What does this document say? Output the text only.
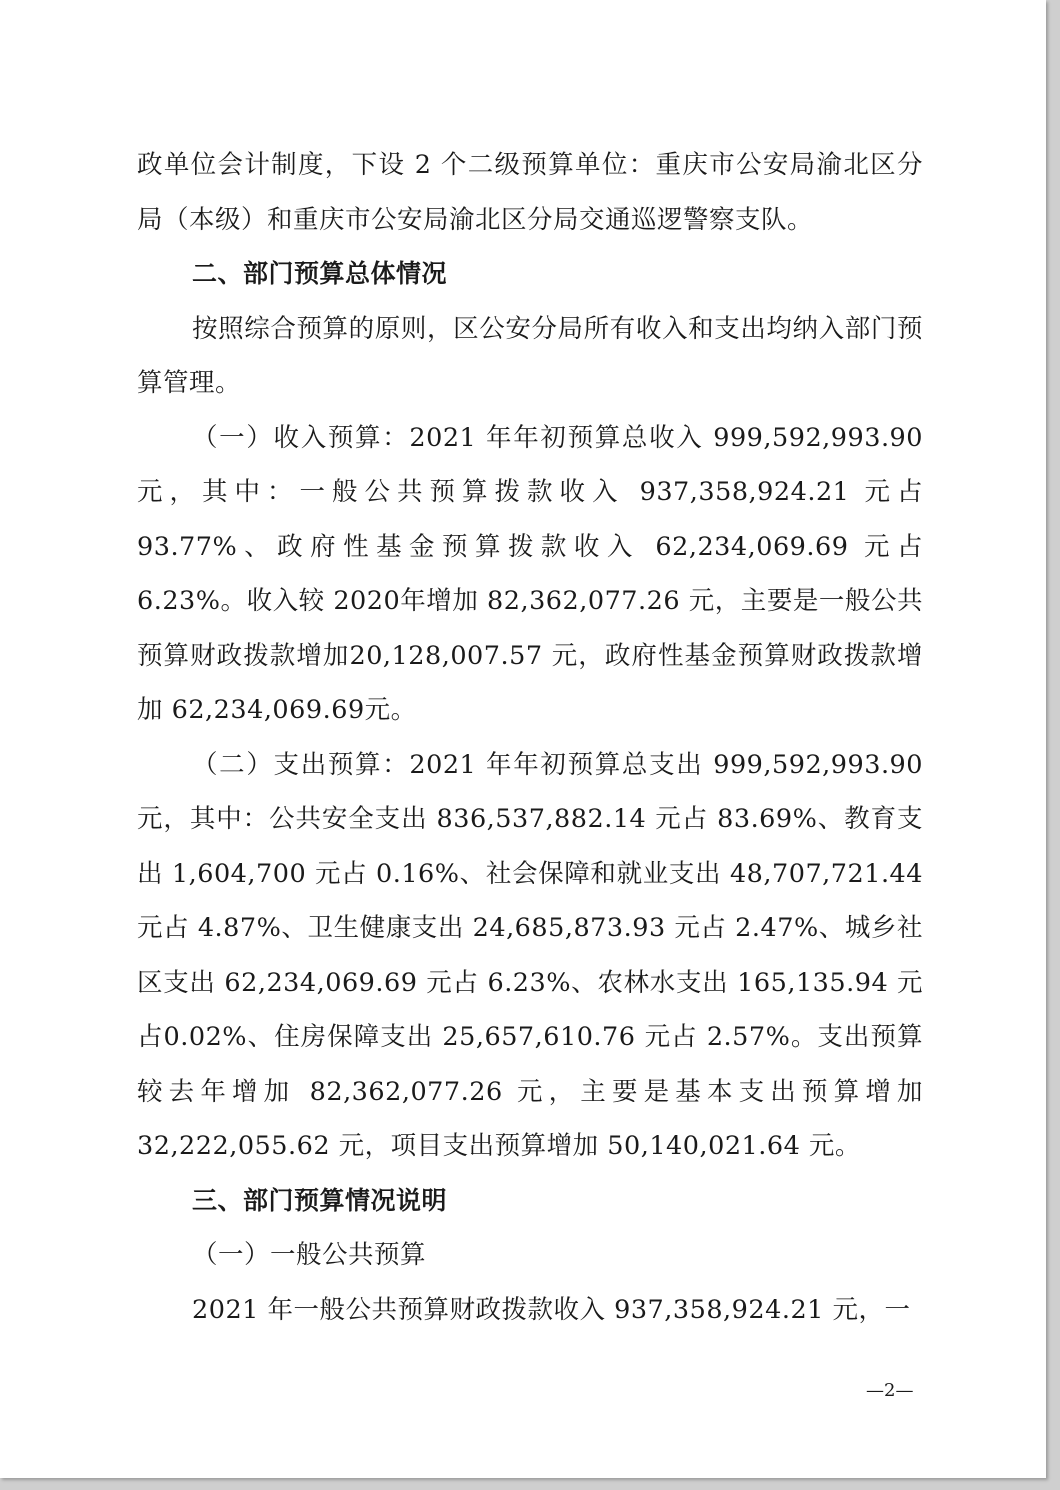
政单位会计制度，下设 2 个二级预算单位：重庆市公安局渝北区分局（本级）和重庆市公安局渝北区分局交通巡逻警察支队。

二、部门预算总体情况

按照综合预算的原则，区公安分局所有收入和支出均纳入部门预算管理。

（一）收入预算：2021 年年初预算总收入 999,592,993.90元，其中：一般公共预算拨款收入 937,358,924.21 元占 93.77%、政府性基金预算拨款收入 62,234,069.69 元占 6.23%。收入较 2020年增加 82,362,077.26 元，主要是一般公共预算财政拨款增加20,128,007.57 元，政府性基金预算财政拨款增加 62,234,069.69元。

（二）支出预算：2021 年年初预算总支出 999,592,993.90元，其中：公共安全支出 836,537,882.14 元占 83.69%、教育支出 1,604,700 元占 0.16%、社会保障和就业支出 48,707,721.44元占 4.87%、卫生健康支出 24,685,873.93 元占 2.47%、城乡社区支出 62,234,069.69 元占 6.23%、农林水支出 165,135.94 元占0.02%、住房保障支出 25,657,610.76 元占 2.57%。支出预算较去年增加 82,362,077.26 元，主要是基本支出预算增加32,222,055.62 元，项目支出预算增加 50,140,021.64 元。

三、部门预算情况说明

（一）一般公共预算

2021 年一般公共预算财政拨款收入 937,358,924.21 元，一

—2—
